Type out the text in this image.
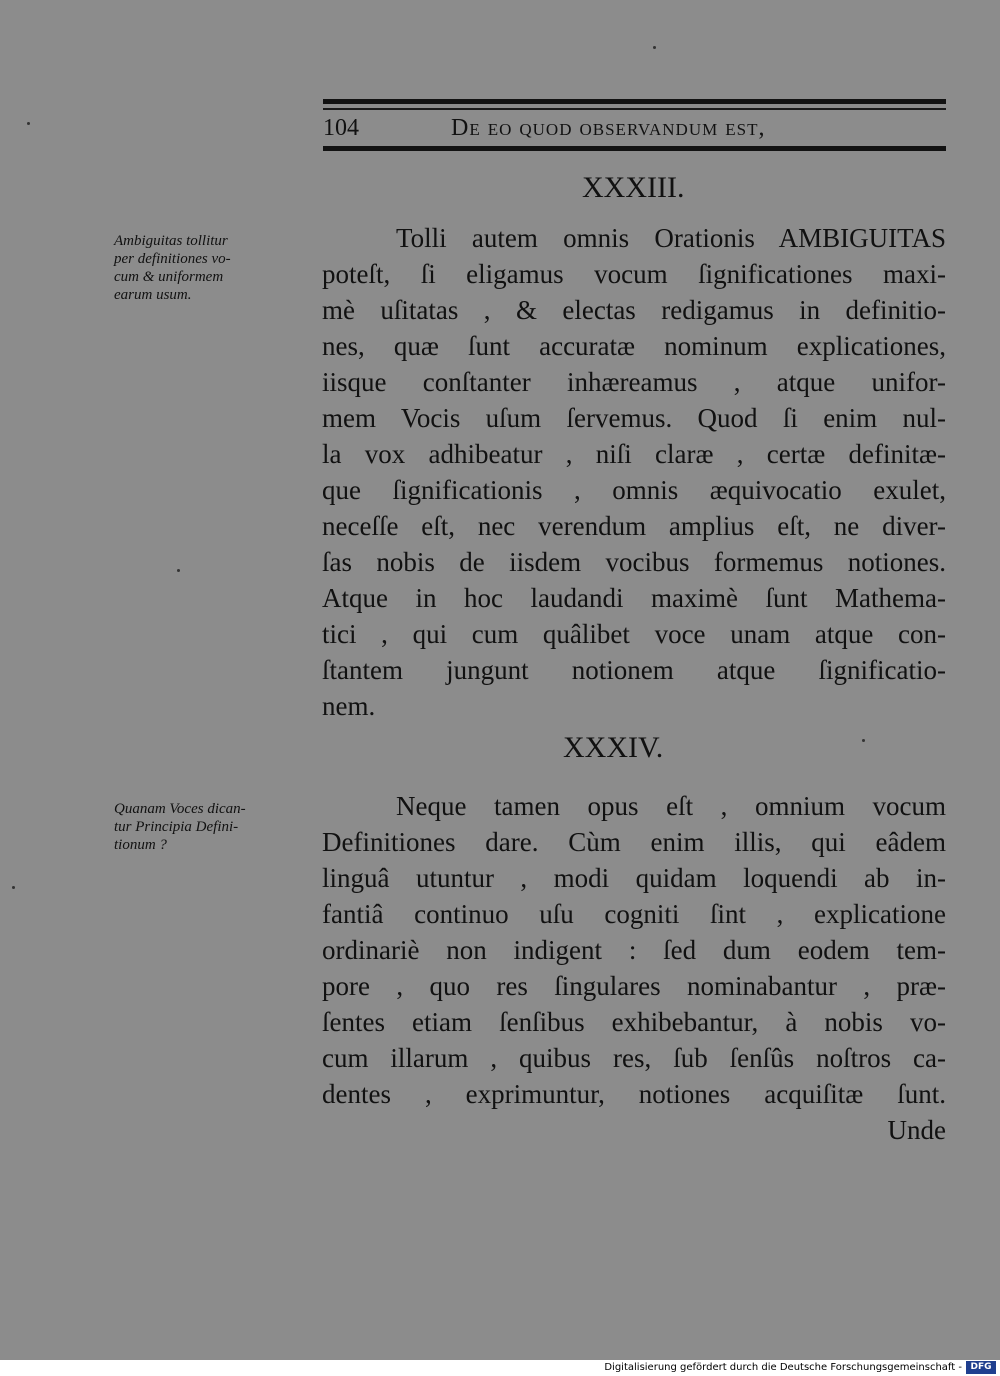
104	De eo quod observandum est,
XXXIII.
Ambiguitas tollitur
per definitiones vo-
cum & uniformem
earum usum.
Tolli autem omnis Orationis AMBIGUITAS
poteſt, ſi eligamus vocum ſignificationes maxi-
mè uſitatas , & electas redigamus in definitio-
nes, quæ ſunt accuratæ nominum explicationes,
iisque conſtanter inhæreamus , atque unifor-
mem Vocis uſum ſervemus. Quod ſi enim nul-
la vox adhibeatur , niſi claræ , certæ definitæ-
que ſignificationis , omnis æquivocatio exulet,
neceſſe eſt, nec verendum amplius eſt, ne diver-
ſas nobis de iisdem vocibus formemus notiones.
Atque in hoc laudandi maximè ſunt Mathema-
tici , qui cum quâlibet voce unam atque con-
ſtantem jungunt notionem atque ſignificatio-
nem.
XXXIV.
Quanam Voces dican-
tur Principia Defini-
tionum ?
Neque tamen opus eſt , omnium vocum
Definitiones dare. Cùm enim illis, qui eâdem
linguâ utuntur , modi quidam loquendi ab in-
fantiâ continuo uſu cogniti ſint , explicatione
ordinariè non indigent : ſed dum eodem tem-
pore , quo res ſingulares nominabantur , præ-
ſentes etiam ſenſibus exhibebantur, à nobis vo-
cum illarum , quibus res, ſub ſenſûs noſtros ca-
dentes , exprimuntur, notiones acquiſitæ ſunt.
Unde
Digitalisierung gefördert durch die Deutsche Forschungsgemeinschaft - DFG
